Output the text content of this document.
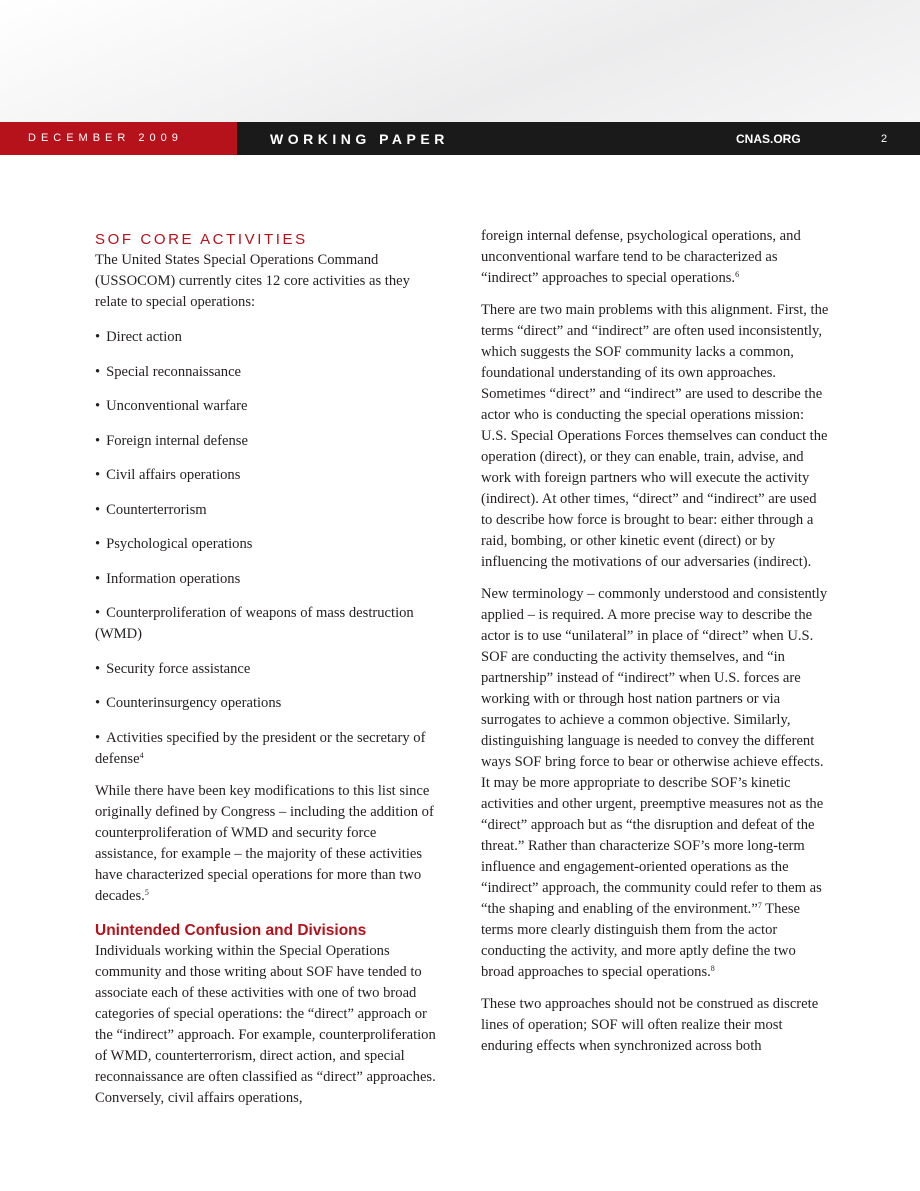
DECEMBER 2009	WORKING PAPER	CNAS.ORG	2
SOF CORE ACTIVITIES

The United States Special Operations Command (USSOCOM) currently cites 12 core activities as they relate to special operations:

• Direct action
• Special reconnaissance
• Unconventional warfare
• Foreign internal defense
• Civil affairs operations
• Counterterrorism
• Psychological operations
• Information operations
• Counterproliferation of weapons of mass destruction (WMD)
• Security force assistance
• Counterinsurgency operations
• Activities specified by the president or the secretary of defense$^4$

While there have been key modifications to this list since originally defined by Congress – including the addition of counterproliferation of WMD and security force assistance, for example – the majority of these activities have characterized special operations for more than two decades.$^5$

Unintended Confusion and Divisions

Individuals working within the Special Operations community and those writing about SOF have tended to associate each of these activities with one of two broad categories of special operations: the “direct” approach or the “indirect” approach. For example, counterproliferation of WMD, counterterrorism, direct action, and special reconnaissance are often classified as “direct” approaches. Conversely, civil affairs operations,

foreign internal defense, psychological operations, and unconventional warfare tend to be characterized as “indirect” approaches to special operations.$^6$

There are two main problems with this alignment. First, the terms “direct” and “indirect” are often used inconsistently, which suggests the SOF community lacks a common, foundational understanding of its own approaches. Sometimes “direct” and “indirect” are used to describe the actor who is conducting the special operations mission: U.S. Special Operations Forces themselves can conduct the operation (direct), or they can enable, train, advise, and work with foreign partners who will execute the activity (indirect). At other times, “direct” and “indirect” are used to describe how force is brought to bear: either through a raid, bombing, or other kinetic event (direct) or by influencing the motivations of our adversaries (indirect).

New terminology – commonly understood and consistently applied – is required. A more precise way to describe the actor is to use “unilateral” in place of “direct” when U.S. SOF are conducting the activity themselves, and “in partnership” instead of “indirect” when U.S. forces are working with or through host nation partners or via surrogates to achieve a common objective. Similarly, distinguishing language is needed to convey the different ways SOF bring force to bear or otherwise achieve effects. It may be more appropriate to describe SOF’s kinetic activities and other urgent, preemptive measures not as the “direct” approach but as “the disruption and defeat of the threat.” Rather than characterize SOF’s more long-term influence and engagement-oriented operations as the “indirect” approach, the community could refer to them as “the shaping and enabling of the environment.”$^7$ These terms more clearly distinguish them from the actor conducting the activity, and more aptly define the two broad approaches to special operations.$^8$

These two approaches should not be construed as discrete lines of operation; SOF will often realize their most enduring effects when synchronized across both
